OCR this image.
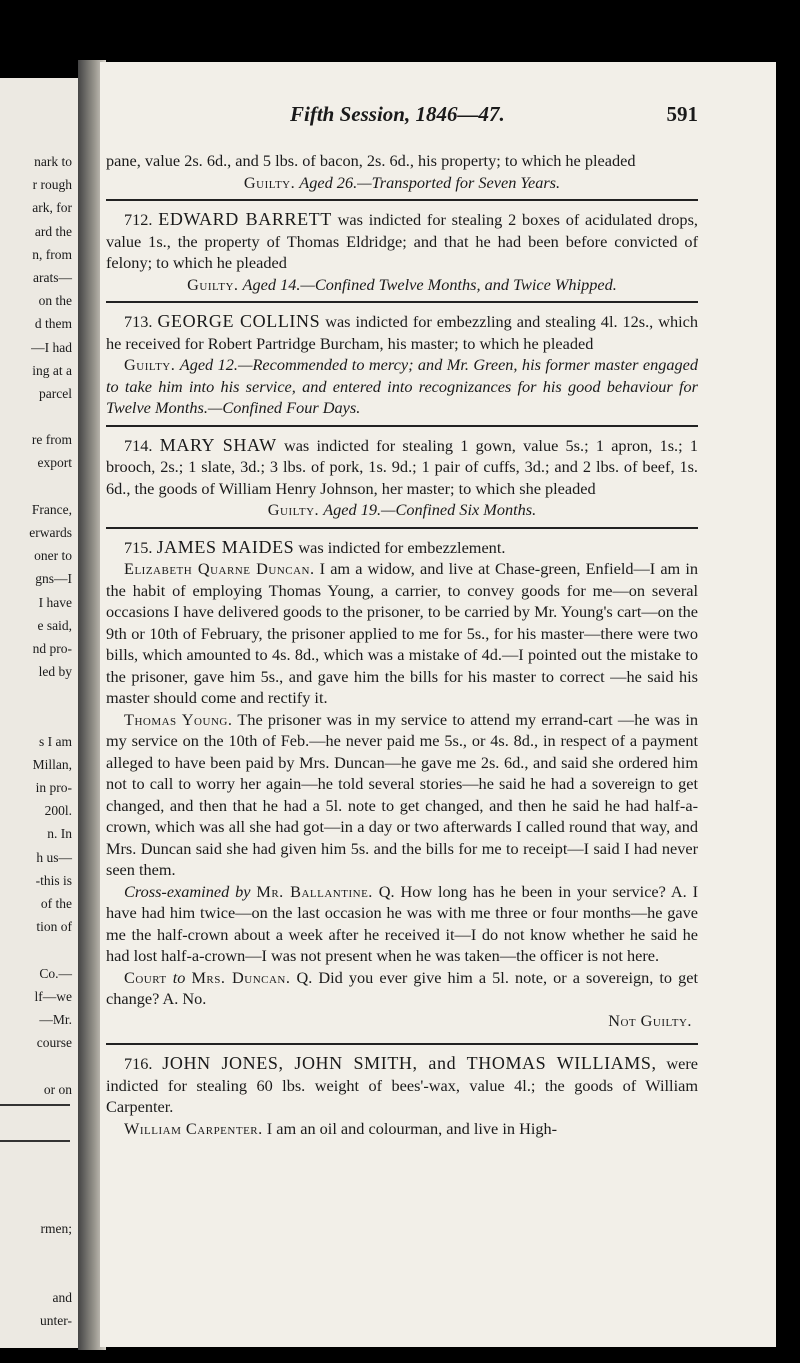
nark to
r rough
ark, for
ard the
n, from
arats—
on the
d them
—I had
ing at a
parcel

re from
export

France,
erwards
oner to
gns—I
I have
e said,
nd pro-
led by

s I am
Millan,
in pro-
200l.
n. In
h us—
-this is
of the
tion of

Co.—
lf—we
—Mr.
course

or on

rmen;

and
unter-
Fifth Session, 1846—47.	591

pane, value 2s. 6d., and 5 lbs. of bacon, 2s. 6d., his property; to which he pleaded

Guilty. Aged 26.—Transported for Seven Years.

712. EDWARD BARRETT was indicted for stealing 2 boxes of acidulated drops, value 1s., the property of Thomas Eldridge; and that he had been before convicted of felony; to which he pleaded

Guilty. Aged 14.—Confined Twelve Months, and Twice Whipped.

713. GEORGE COLLINS was indicted for embezzling and stealing 4l. 12s., which he received for Robert Partridge Burcham, his master; to which he pleaded

Guilty. Aged 12.—Recommended to mercy; and Mr. Green, his former master engaged to take him into his service, and entered into recognizances for his good behaviour for Twelve Months.—Confined Four Days.

714. MARY SHAW was indicted for stealing 1 gown, value 5s.; 1 apron, 1s.; 1 brooch, 2s.; 1 slate, 3d.; 3 lbs. of pork, 1s. 9d.; 1 pair of cuffs, 3d.; and 2 lbs. of beef, 1s. 6d., the goods of William Henry Johnson, her master; to which she pleaded

Guilty. Aged 19.—Confined Six Months.

715. JAMES MAIDES was indicted for embezzlement.

Elizabeth Quarne Duncan. I am a widow, and live at Chase-green, Enfield—I am in the habit of employing Thomas Young, a carrier, to convey goods for me—on several occasions I have delivered goods to the prisoner, to be carried by Mr. Young's cart—on the 9th or 10th of February, the prisoner applied to me for 5s., for his master—there were two bills, which amounted to 4s. 8d., which was a mistake of 4d.—I pointed out the mistake to the prisoner, gave him 5s., and gave him the bills for his master to correct —he said his master should come and rectify it.

Thomas Young. The prisoner was in my service to attend my errand-cart —he was in my service on the 10th of Feb.—he never paid me 5s., or 4s. 8d., in respect of a payment alleged to have been paid by Mrs. Duncan—he gave me 2s. 6d., and said she ordered him not to call to worry her again—he told several stories—he said he had a sovereign to get changed, and then that he had a 5l. note to get changed, and then he said he had half-a-crown, which was all she had got—in a day or two afterwards I called round that way, and Mrs. Duncan said she had given him 5s. and the bills for me to receipt—I said I had never seen them.

Cross-examined by Mr. Ballantine. Q. How long has he been in your service? A. I have had him twice—on the last occasion he was with me three or four months—he gave me the half-crown about a week after he received it—I do not know whether he said he had lost half-a-crown—I was not present when he was taken—the officer is not here.

Court to Mrs. Duncan. Q. Did you ever give him a 5l. note, or a sovereign, to get change? A. No.

Not Guilty.

716. JOHN JONES, JOHN SMITH, and THOMAS WILLIAMS, were indicted for stealing 60 lbs. weight of bees'-wax, value 4l.; the goods of William Carpenter.

William Carpenter. I am an oil and colourman, and live in High-
